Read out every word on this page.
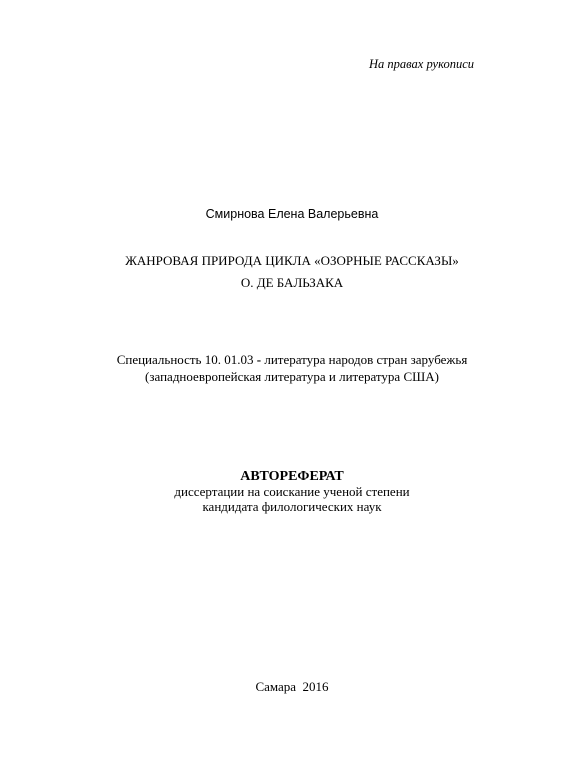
На правах рукописи
Смирнова Елена Валерьевна
ЖАНРОВАЯ ПРИРОДА ЦИКЛА «ОЗОРНЫЕ РАССКАЗЫ»
О. ДЕ БАЛЬЗАКА
Специальность 10. 01.03 - литература народов стран зарубежья
(западноевропейская литература и литература США)
АВТОРЕФЕРАТ
диссертации на соискание ученой степени
кандидата филологических наук
Самара  2016
